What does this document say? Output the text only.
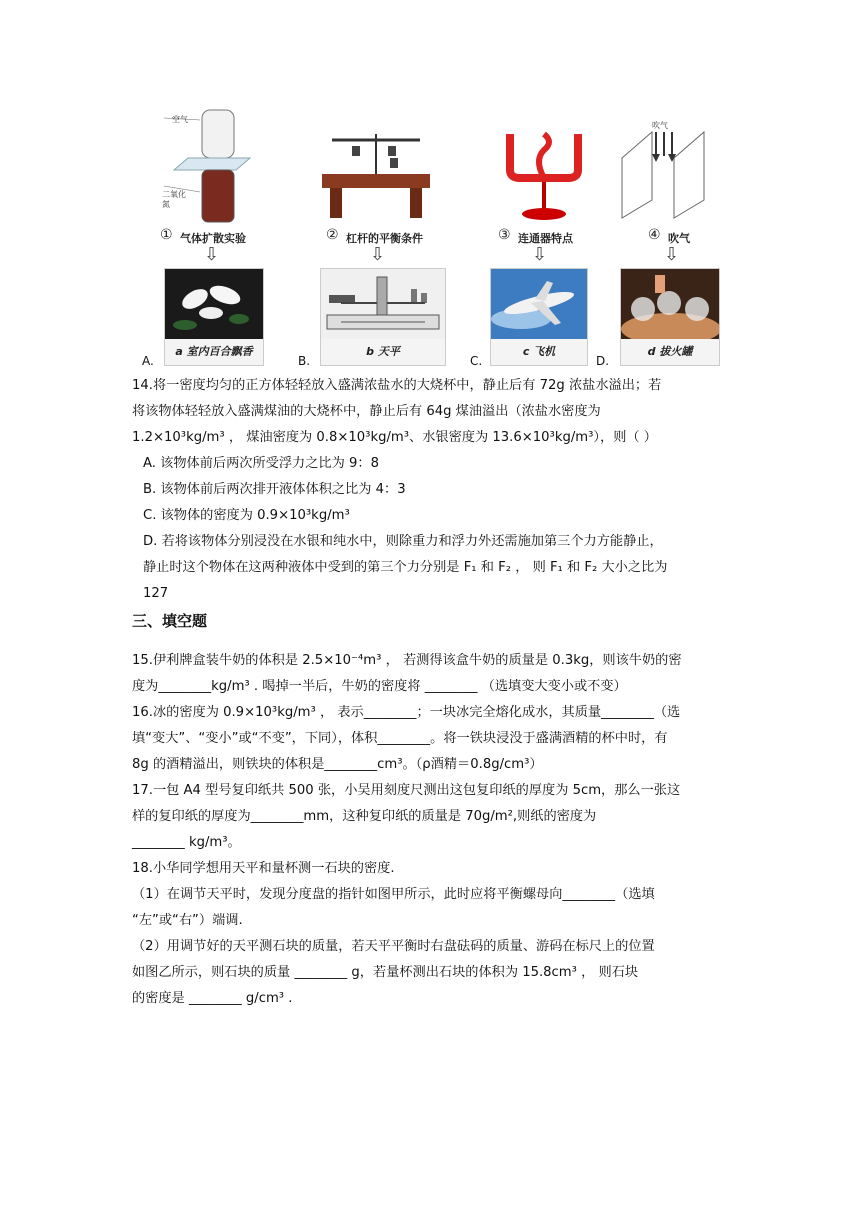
空气
二氧化氮
① 气体扩散实验	② 杠杆的平衡条件	③ 连通器特点
吹气
④ 吹气
⇩	⇩	⇩	⇩
a 室内百合飘香
A.
b 天平
B.
c 飞机
C.
d 拔火罐
D.
14.将一密度均匀的正方体轻轻放入盛满浓盐水的大烧杯中，静止后有 72g 浓盐水溢出；若
将该物体轻轻放入盛满煤油的大烧杯中，静止后有 64g 煤油溢出（浓盐水密度为
1.2×10³kg/m³ ， 煤油密度为 0.8×10³kg/m³、水银密度为 13.6×10³kg/m³），则（ ）
A. 该物体前后两次所受浮力之比为 9：8
B. 该物体前后两次排开液体体积之比为 4：3
C. 该物体的密度为 0.9×10³kg/m³
D. 若将该物体分别浸没在水银和纯水中，则除重力和浮力外还需施加第三个力方能静止，
静止时这个物体在这两种液体中受到的第三个力分别是 F₁ 和 F₂ ， 则 F₁ 和 F₂ 大小之比为
127
三、填空题
15.伊利牌盒装牛奶的体积是 2.5×10⁻⁴m³ ， 若测得该盒牛奶的质量是 0.3kg，则该牛奶的密
度为________kg/m³ . 喝掉一半后，牛奶的密度将 ________ （选填变大变小或不变）
16.冰的密度为 0.9×10³kg/m³ ， 表示________；一块冰完全熔化成水，其质量________（选
填“变大”、“变小”或“不变”，下同），体积________。将一铁块浸没于盛满酒精的杯中时，有
8g 的酒精溢出，则铁块的体积是________cm³。（ρ酒精＝0.8g/cm³）
17.一包 A4 型号复印纸共 500 张，小吴用刻度尺测出这包复印纸的厚度为 5cm，那么一张这
样的复印纸的厚度为________mm，这种复印纸的质量是 70g/m²,则纸的密度为
________ kg/m³。
18.小华同学想用天平和量杯测一石块的密度.
（1）在调节天平时，发现分度盘的指针如图甲所示，此时应将平衡螺母向________（选填
“左”或“右”）端调.
（2）用调节好的天平测石块的质量，若天平平衡时右盘砝码的质量、游码在标尺上的位置
如图乙所示，则石块的质量 ________ g，若量杯测出石块的体积为 15.8cm³ ， 则石块
的密度是 ________ g/cm³ .
